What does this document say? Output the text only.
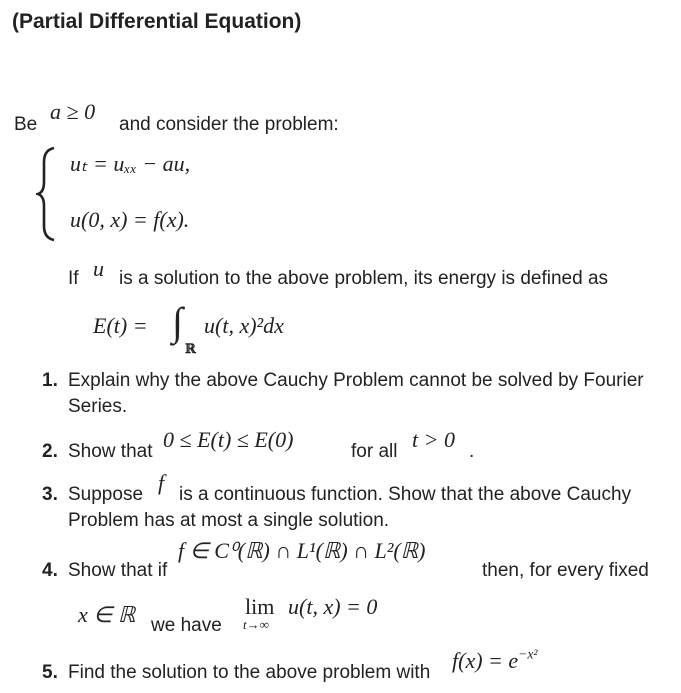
(Partial Differential Equation)
Be
a ≥ 0
and consider the problem:
uₜ = uₓₓ − au,
u(0, x) = f(x).
If u is a solution to the above problem, its energy is defined as
E(t) = ∫
ℝ
u(t, x)²dx
1. Explain why the above Cauchy Problem cannot be solved by Fourier
Series.
2. Show that 0 ≤ E(t) ≤ E(0)	for all t > 0 .
3. Suppose f is a continuous function. Show that the above Cauchy
Problem has at most a single solution.
4. Show that if
f ∈ C⁰(ℝ) ∩ L¹(ℝ) ∩ L²(ℝ)
then, for every fixed
x ∈ ℝ we have
lim
t→∞
u(t, x) = 0
5. Find the solution to the above problem with $f(x) = e^{-x^2}$
